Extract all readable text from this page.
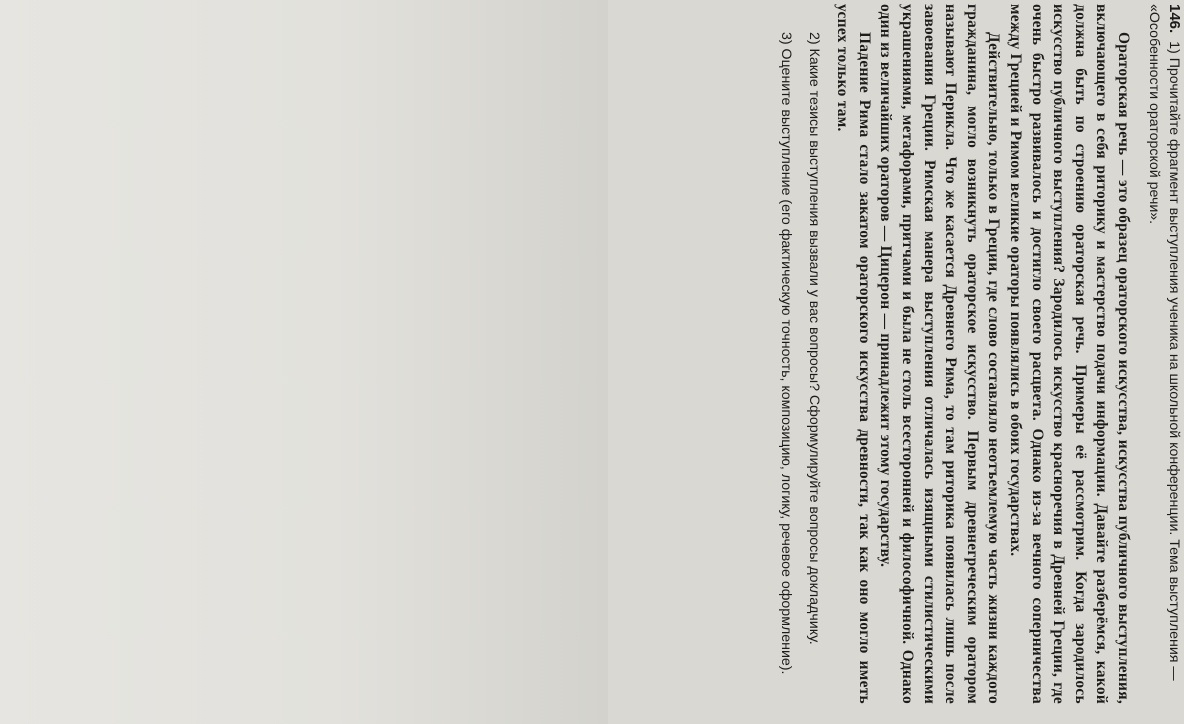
146. 1) Прочитайте фрагмент выступления ученика на школьной конференции. Тема выступления — «Особенности ораторской речи».

Ораторская речь — это образец ораторского искусства, искусства публичного выступления, включающего в себя риторику и мастерство подачи информации. Давайте разберёмся, какой должна быть по строению ораторская речь. Примеры её рассмотрим. Когда зародилось искусство публичного выступления? Зародилось искусство красноречия в Древней Греции, где очень быстро развивалось и достигло своего расцвета. Однако из-за вечного соперничества между Грецией и Римом великие ораторы появлялись в обоих государствах.

Действительно, только в Греции, где слово составляло неотъемлемую часть жизни каждого гражданина, могло возникнуть ораторское искусство. Первым древнегреческим оратором называют Перикла. Что же касается Древнего Рима, то там риторика появилась лишь после завоевания Греции. Римская манера выступления отличалась изящными стилистическими украшениями, метафорами, притчами и была не столь всесторонней и философичной. Однако один из величайших ораторов — Цицерон — принадлежит этому государству.

Падение Рима стало закатом ораторского искусства древности, так как оно могло иметь успех только там.

2) Какие тезисы выступления вызвали у вас вопросы? Сформулируйте вопросы докладчику.

3) Оцените выступление (его фактическую точность, композицию, логику, речевое оформление).
